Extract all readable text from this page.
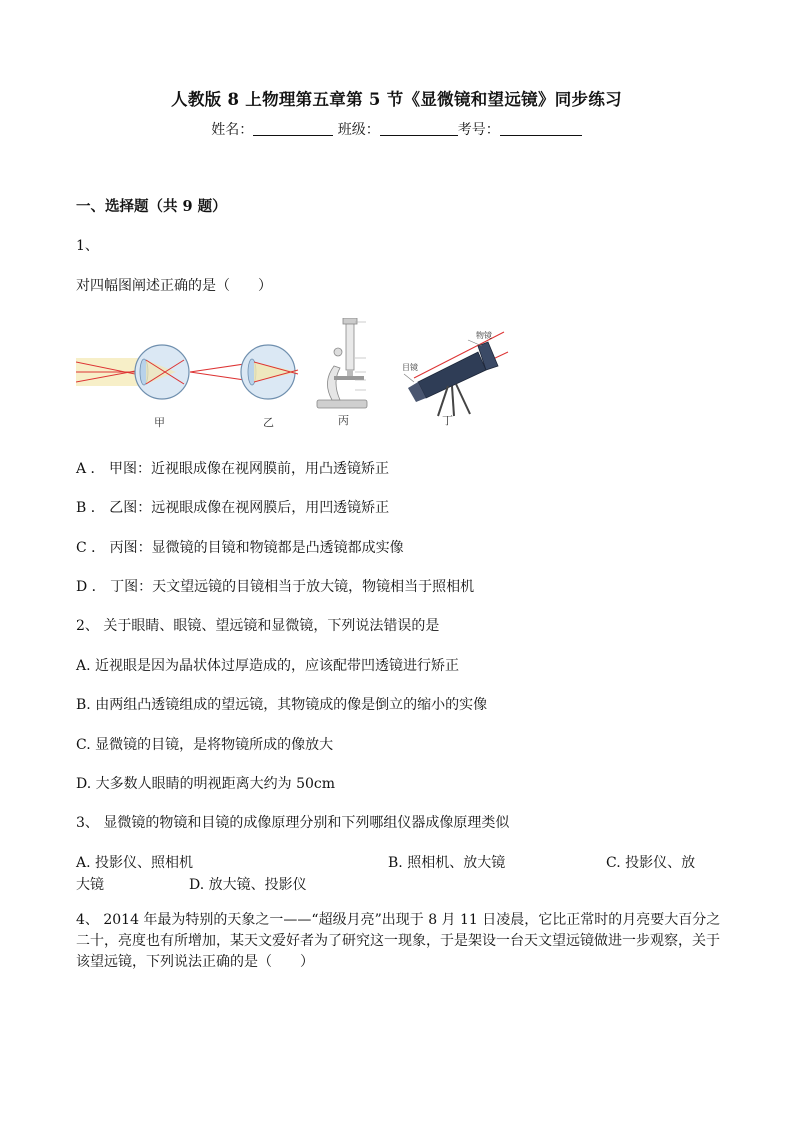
人教版 8 上物理第五章第 5 节《显微镜和望远镜》同步练习
姓名：	班级：	考号：
一、选择题（共 9 题）
1、
对四幅图阐述正确的是（　　）
甲	乙	丙
物镜
目镜
丁
A ． 甲图：近视眼成像在视网膜前，用凸透镜矫正
B ． 乙图：远视眼成像在视网膜后，用凹透镜矫正
C ． 丙图：显微镜的目镜和物镜都是凸透镜都成实像
D ． 丁图：天文望远镜的目镜相当于放大镜，物镜相当于照相机
2、 关于眼睛、眼镜、望远镜和显微镜，下列说法错误的是
A. 近视眼是因为晶状体过厚造成的，应该配带凹透镜进行矫正
B. 由两组凸透镜组成的望远镜，其物镜成的像是倒立的缩小的实像
C. 显微镜的目镜，是将物镜所成的像放大
D. 大多数人眼睛的明视距离大约为 50cm
3、 显微镜的物镜和目镜的成像原理分别和下列哪组仪器成像原理类似
A. 投影仪、照相机	B. 照相机、放大镜	C. 投影仪、放
大镜	D. 放大镜、投影仪
4、 2014 年最为特别的天象之一——“超级月亮”出现于 8 月 11 日凌晨，它比正常时的月亮要大百分之二十，亮度也有所增加，某天文爱好者为了研究这一现象，于是架设一台天文望远镜做进一步观察，关于该望远镜，下列说法正确的是（　　）
